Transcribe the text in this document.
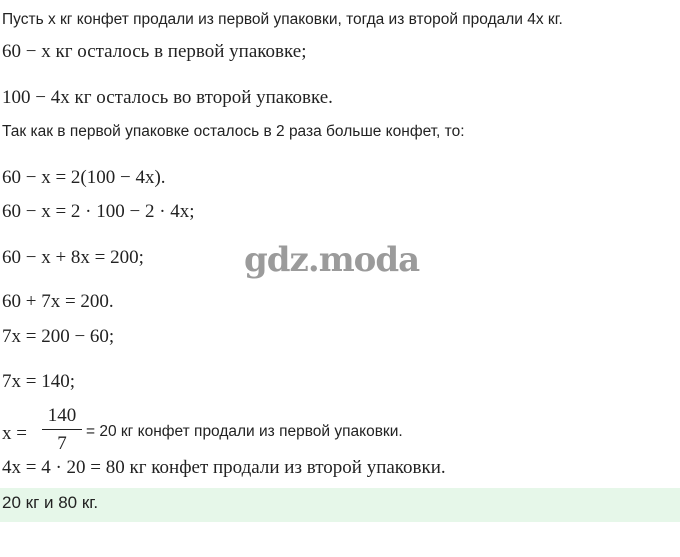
Пусть x кг конфет продали из первой упаковки, тогда из второй продали 4x кг.
60 − x кг осталось в первой упаковке;
100 − 4x кг осталось во второй упаковке.
Так как в первой упаковке осталось в 2 раза больше конфет, то:
60 − x = 2(100 − 4x).
60 − x = 2 · 100 − 2 · 4x;
60 − x + 8x = 200;
60 + 7x = 200.
7x = 200 − 60;
7x = 140;
x =
140
7
= 20 кг конфет продали из первой упаковки.
4x = 4 · 20 = 80 кг конфет продали из второй упаковки.
20 кг и 80 кг.
gdz.moda
